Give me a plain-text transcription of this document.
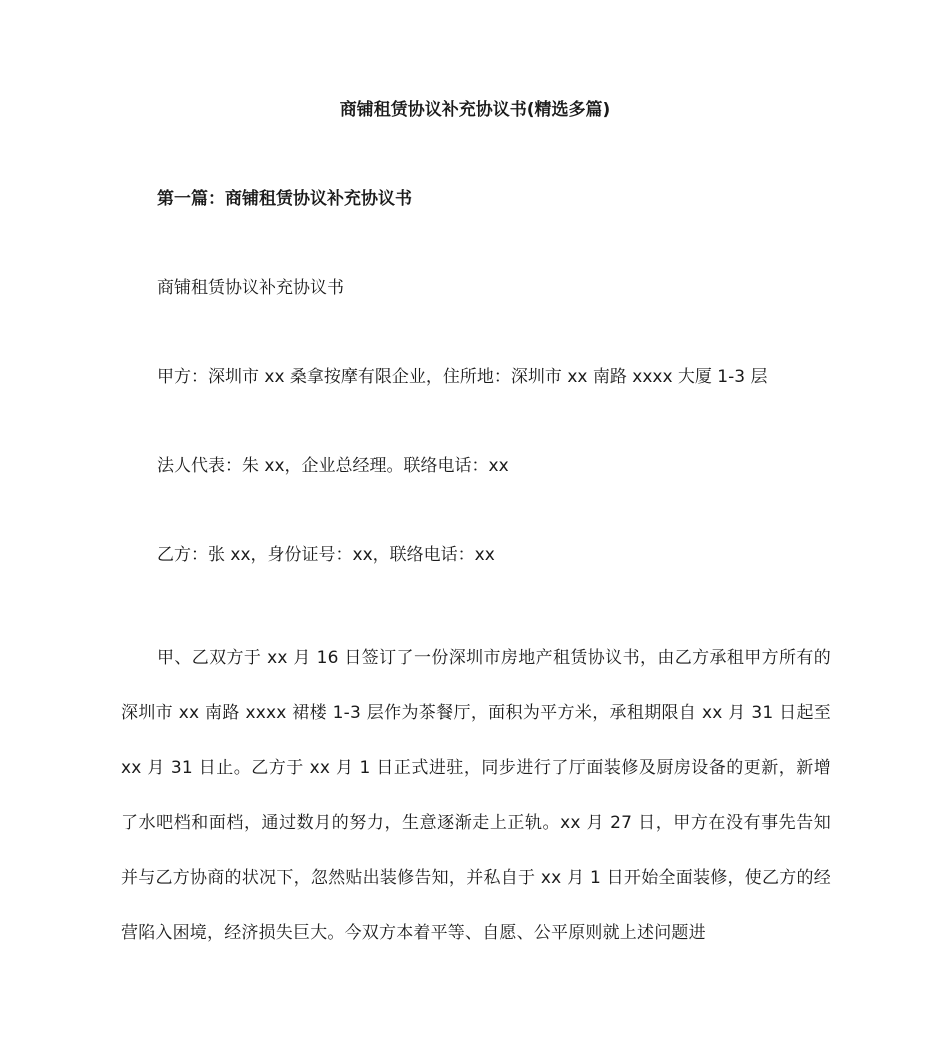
商铺租赁协议补充协议书(精选多篇)
第一篇：商铺租赁协议补充协议书
商铺租赁协议补充协议书
甲方：深圳市 xx 桑拿按摩有限企业，住所地：深圳市 xx 南路 xxxx 大厦 1-3 层
法人代表：朱 xx，企业总经理。联络电话：xx
乙方：张 xx，身份证号：xx，联络电话：xx
甲、乙双方于 xx 月 16 日签订了一份深圳市房地产租赁协议书，由乙方承租甲方所有的深圳市 xx 南路 xxxx 裙楼 1-3 层作为茶餐厅，面积为平方米，承租期限自 xx 月 31 日起至 xx 月 31 日止。乙方于 xx 月 1 日正式进驻，同步进行了厅面装修及厨房设备的更新，新增了水吧档和面档，通过数月的努力，生意逐渐走上正轨。xx 月 27 日，甲方在没有事先告知并与乙方协商的状况下，忽然贴出装修告知，并私自于 xx 月 1 日开始全面装修，使乙方的经营陷入困境，经济损失巨大。今双方本着平等、自愿、公平原则就上述问题进
